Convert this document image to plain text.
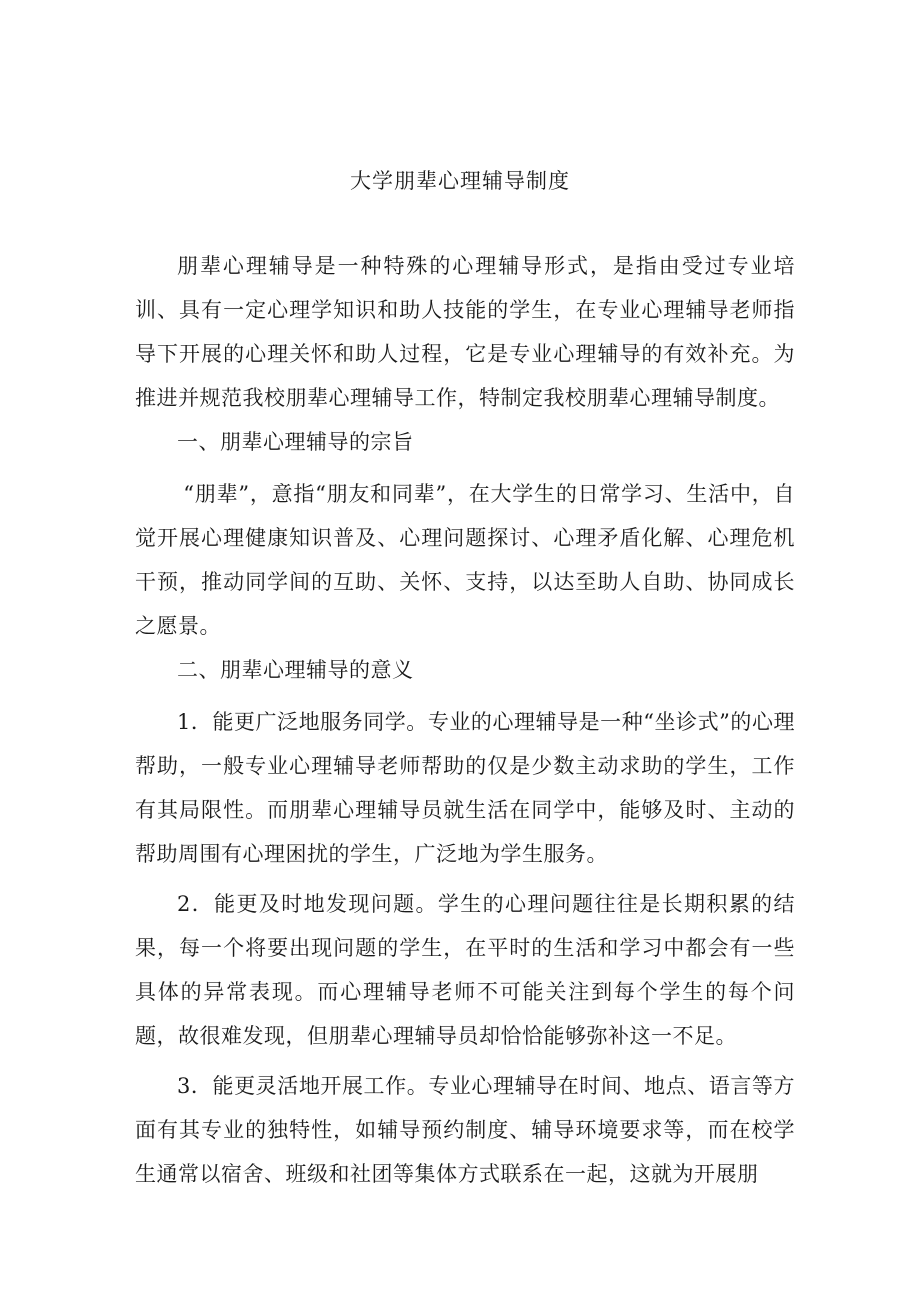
大学朋辈心理辅导制度

朋辈心理辅导是一种特殊的心理辅导形式，是指由受过专业培训、具有一定心理学知识和助人技能的学生，在专业心理辅导老师指导下开展的心理关怀和助人过程，它是专业心理辅导的有效补充。为推进并规范我校朋辈心理辅导工作，特制定我校朋辈心理辅导制度。

一、朋辈心理辅导的宗旨

“朋辈”，意指“朋友和同辈”，在大学生的日常学习、生活中，自觉开展心理健康知识普及、心理问题探讨、心理矛盾化解、心理危机干预，推动同学间的互助、关怀、支持，以达至助人自助、协同成长之愿景。

二、朋辈心理辅导的意义

1．能更广泛地服务同学。专业的心理辅导是一种“坐诊式”的心理帮助，一般专业心理辅导老师帮助的仅是少数主动求助的学生，工作有其局限性。而朋辈心理辅导员就生活在同学中，能够及时、主动的帮助周围有心理困扰的学生，广泛地为学生服务。

2．能更及时地发现问题。学生的心理问题往往是长期积累的结果，每一个将要出现问题的学生，在平时的生活和学习中都会有一些具体的异常表现。而心理辅导老师不可能关注到每个学生的每个问题，故很难发现，但朋辈心理辅导员却恰恰能够弥补这一不足。

3．能更灵活地开展工作。专业心理辅导在时间、地点、语言等方面有其专业的独特性，如辅导预约制度、辅导环境要求等，而在校学生通常以宿舍、班级和社团等集体方式联系在一起，这就为开展朋
